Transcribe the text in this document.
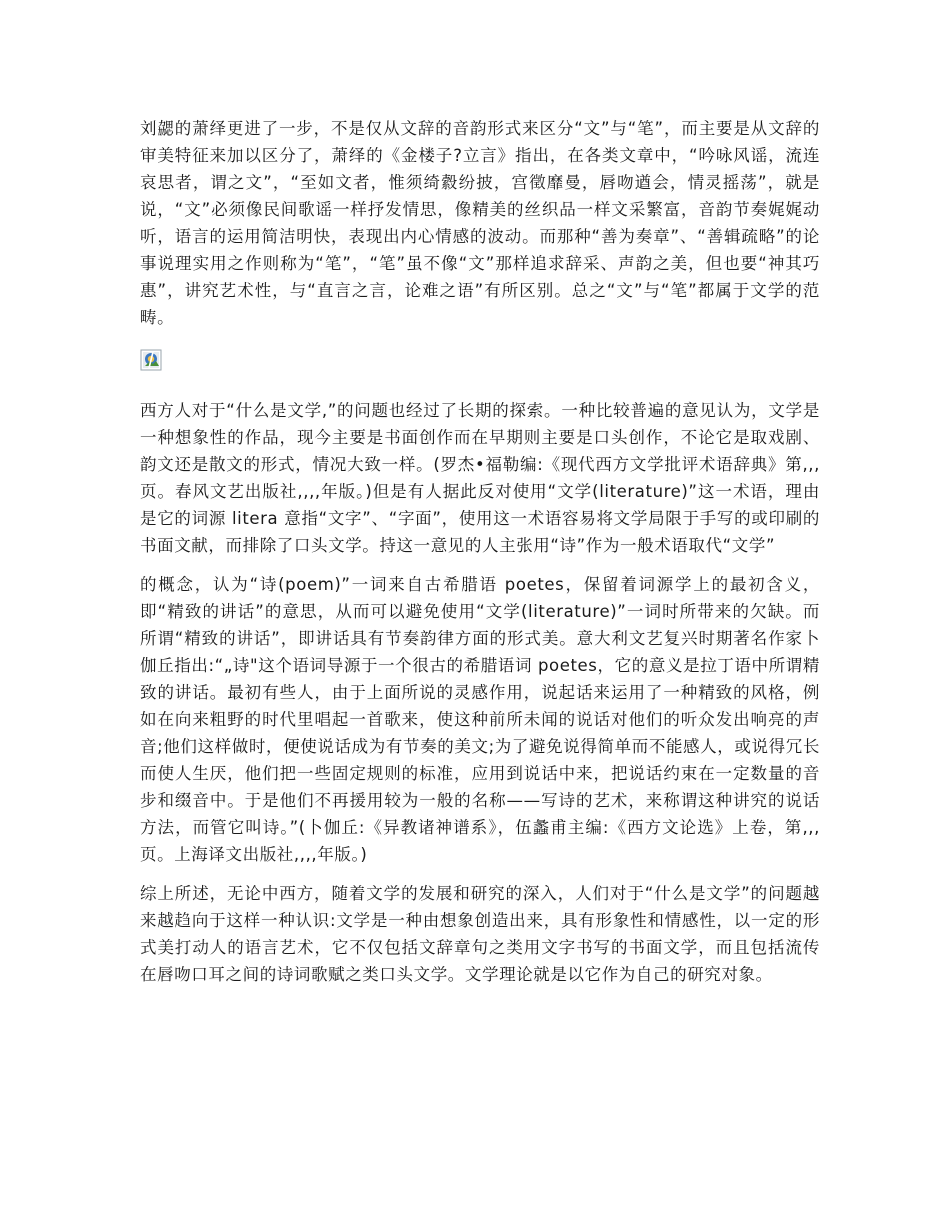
刘勰的萧绎更进了一步，不是仅从文辞的音韵形式来区分“文”与“笔”，而主要是从文辞的审美特征来加以区分了，萧绎的《金楼子?立言》指出，在各类文章中，“吟咏风谣，流连哀思者，谓之文”，“至如文者，惟须绮縠纷披，宫徵靡曼，唇吻遒会，情灵摇荡”，就是说，“文”必须像民间歌谣一样抒发情思，像精美的丝织品一样文采繁富，音韵节奏娓娓动听，语言的运用简洁明快，表现出内心情感的波动。而那种“善为奏章”、“善辑疏略”的论事说理实用之作则称为“笔”，“笔”虽不像“文”那样追求辞采、声韵之美，但也要“神其巧惠”，讲究艺术性，与“直言之言，论难之语”有所区别。总之“文”与“笔”都属于文学的范畴。

西方人对于“什么是文学,”的问题也经过了长期的探索。一种比较普遍的意见认为，文学是一种想象性的作品，现今主要是书面创作而在早期则主要是口头创作，不论它是取戏剧、韵文还是散文的形式，情况大致一样。(罗杰•福勒编:《现代西方文学批评术语辞典》第,,,页。春风文艺出版社,,,,年版。)但是有人据此反对使用“文学(literature)”这一术语，理由是它的词源 litera 意指“文字”、“字面”，使用这一术语容易将文学局限于手写的或印刷的书面文献，而排除了口头文学。持这一意见的人主张用“诗”作为一般术语取代“文学”

的概念，认为“诗(poem)”一词来自古希腊语 poetes，保留着词源学上的最初含义，即“精致的讲话”的意思，从而可以避免使用“文学(literature)”一词时所带来的欠缺。而所谓“精致的讲话”，即讲话具有节奏韵律方面的形式美。意大利文艺复兴时期著名作家卜伽丘指出:“„诗"这个语词导源于一个很古的希腊语词 poetes，它的意义是拉丁语中所谓精致的讲话。最初有些人，由于上面所说的灵感作用，说起话来运用了一种精致的风格，例如在向来粗野的时代里唱起一首歌来，使这种前所未闻的说话对他们的听众发出响亮的声音;他们这样做时，便使说话成为有节奏的美文;为了避免说得简单而不能感人，或说得冗长而使人生厌，他们把一些固定规则的标准，应用到说话中来，把说话约束在一定数量的音步和缀音中。于是他们不再援用较为一般的名称——写诗的艺术，来称谓这种讲究的说话方法，而管它叫诗。”(卜伽丘:《异教诸神谱系》，伍蠡甫主编:《西方文论选》上卷，第,,,页。上海译文出版社,,,,年版。)

综上所述，无论中西方，随着文学的发展和研究的深入，人们对于“什么是文学”的问题越来越趋向于这样一种认识:文学是一种由想象创造出来，具有形象性和情感性，以一定的形式美打动人的语言艺术，它不仅包括文辞章句之类用文字书写的书面文学，而且包括流传在唇吻口耳之间的诗词歌赋之类口头文学。文学理论就是以它作为自己的研究对象。
